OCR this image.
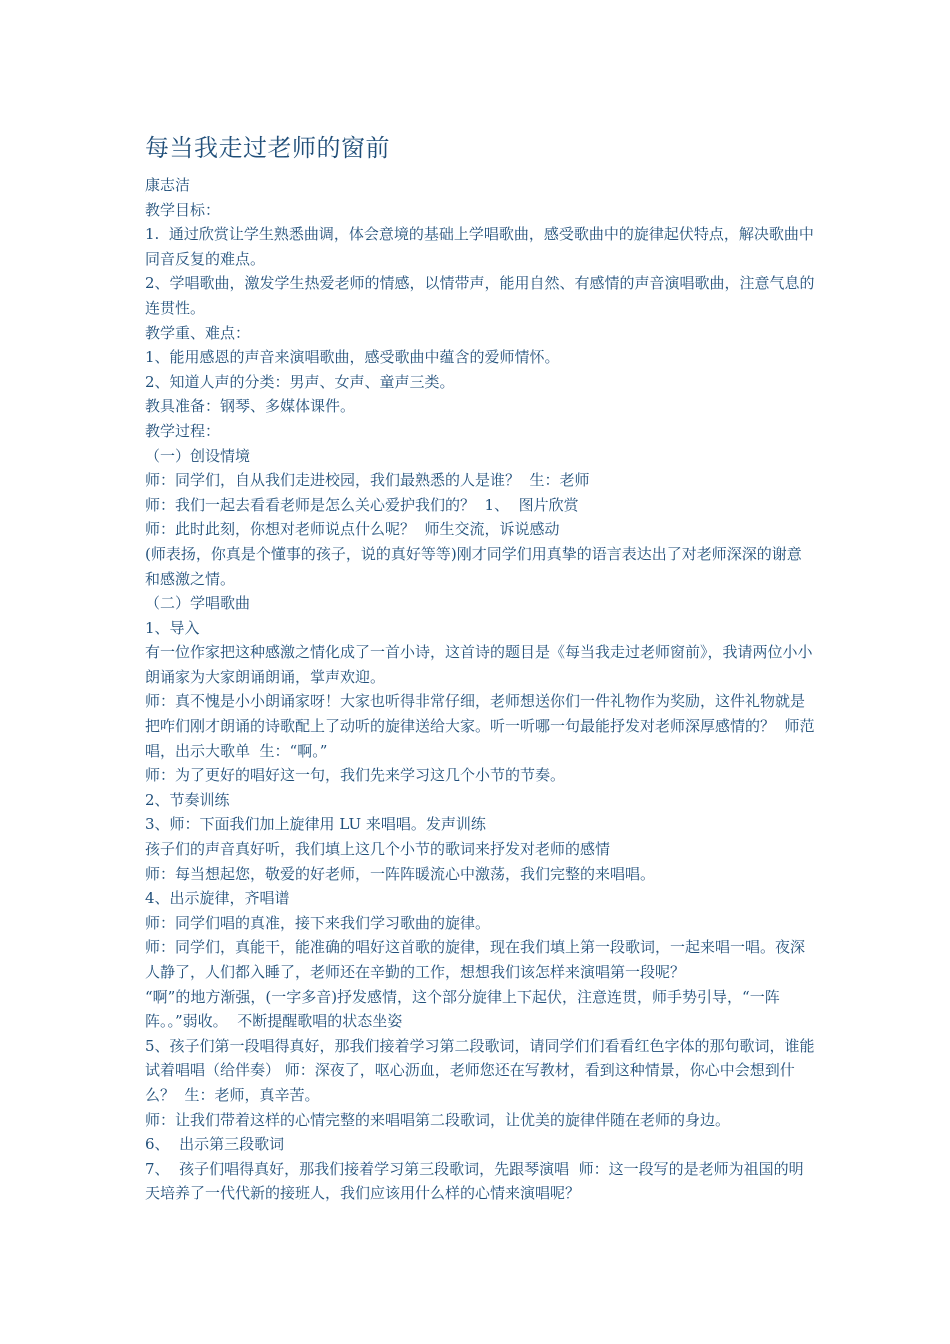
每当我走过老师的窗前
康志洁
教学目标：
1.  通过欣赏让学生熟悉曲调，体会意境的基础上学唱歌曲，感受歌曲中的旋律起伏特点，解决歌曲中同音反复的难点。
2、学唱歌曲，激发学生热爱老师的情感，以情带声，能用自然、有感情的声音演唱歌曲，注意气息的连贯性。
教学重、难点：
1、能用感恩的声音来演唱歌曲，感受歌曲中蕴含的爱师情怀。
2、知道人声的分类：男声、女声、童声三类。
教具准备：钢琴、多媒体课件。
教学过程：
（一）创设情境
师：同学们，自从我们走进校园，我们最熟悉的人是谁？  生：老师
师：我们一起去看看老师是怎么关心爱护我们的？  1、  图片欣赏
师：此时此刻，你想对老师说点什么呢？  师生交流，诉说感动
(师表扬，你真是个懂事的孩子，说的真好等等)刚才同学们用真挚的语言表达出了对老师深深的谢意和感激之情。
（二）学唱歌曲
1、导入
有一位作家把这种感激之情化成了一首小诗，这首诗的题目是《每当我走过老师窗前》，我请两位小小朗诵家为大家朗诵朗诵，掌声欢迎。
师：真不愧是小小朗诵家呀！大家也听得非常仔细，老师想送你们一件礼物作为奖励，这件礼物就是把咋们刚才朗诵的诗歌配上了动听的旋律送给大家。听一听哪一句最能抒发对老师深厚感情的？  师范唱，出示大歌单  生：“啊。”
师：为了更好的唱好这一句，我们先来学习这几个小节的节奏。
2、节奏训练
3、师：下面我们加上旋律用 LU 来唱唱。发声训练
孩子们的声音真好听，我们填上这几个小节的歌词来抒发对老师的感情
师：每当想起您，敬爱的好老师，一阵阵暖流心中激荡，我们完整的来唱唱。
4、出示旋律，齐唱谱
师：同学们唱的真准，接下来我们学习歌曲的旋律。
师：同学们，真能干，能准确的唱好这首歌的旋律，现在我们填上第一段歌词，一起来唱一唱。夜深人静了，人们都入睡了，老师还在辛勤的工作，想想我们该怎样来演唱第一段呢？
“啊”的地方渐强，(一字多音)抒发感情，这个部分旋律上下起伏，注意连贯，师手势引导，“一阵阵。。”弱收。  不断提醒歌唱的状态坐姿
5、孩子们第一段唱得真好，那我们接着学习第二段歌词，请同学们们看看红色字体的那句歌词，谁能试着唱唱（给伴奏） 师：深夜了，呕心沥血，老师您还在写教材，看到这种情景，你心中会想到什么？  生：老师，真辛苦。
师：让我们带着这样的心情完整的来唱唱第二段歌词，让优美的旋律伴随在老师的身边。
6、  出示第三段歌词
7、  孩子们唱得真好，那我们接着学习第三段歌词，先跟琴演唱  师：这一段写的是老师为祖国的明天培养了一代代新的接班人，我们应该用什么样的心情来演唱呢？
